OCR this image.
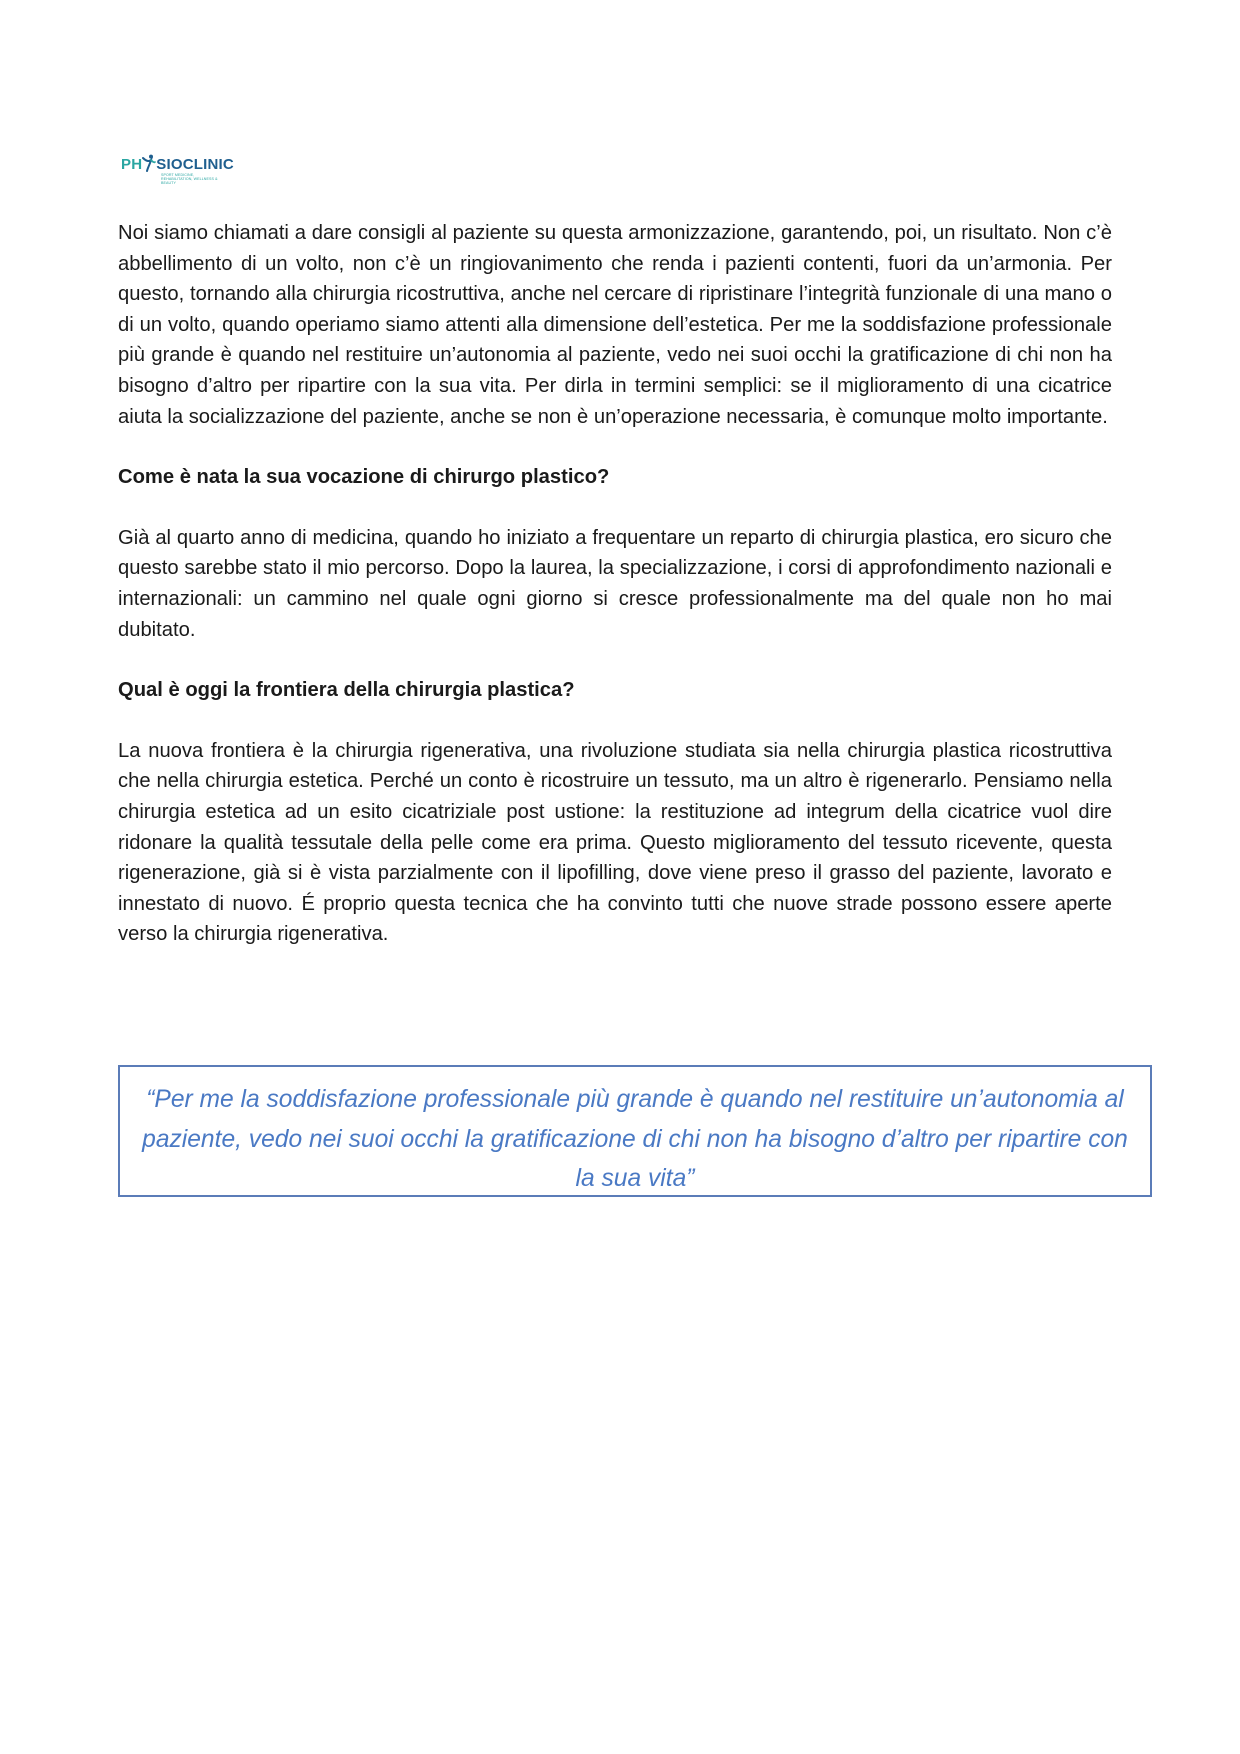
PH SIOCLINIC
SPORT MEDICINE, REHABILITATION, WELLNESS & BEAUTY

Noi siamo chiamati a dare consigli al paziente su questa armonizzazione, garantendo, poi, un risultato. Non c’è abbellimento di un volto, non c’è un ringiovanimento che renda i pazienti contenti, fuori da un’armonia. Per questo, tornando alla chirurgia ricostruttiva, anche nel cercare di ripristinare l’integrità funzionale di una mano o di un volto, quando operiamo siamo attenti alla dimensione dell’estetica. Per me la soddisfazione professionale più grande è quando nel restituire un’autonomia al paziente, vedo nei suoi occhi la gratificazione di chi non ha bisogno d’altro per ripartire con la sua vita. Per dirla in termini semplici: se il miglioramento di una cicatrice aiuta la socializzazione del paziente, anche se non è un’operazione necessaria, è comunque molto importante.

Come è nata la sua vocazione di chirurgo plastico?

Già al quarto anno di medicina, quando ho iniziato a frequentare un reparto di chirurgia plastica, ero sicuro che questo sarebbe stato il mio percorso. Dopo la laurea, la specializzazione, i corsi di approfondimento nazionali e internazionali: un cammino nel quale ogni giorno si cresce professionalmente ma del quale non ho mai dubitato.

Qual è oggi la frontiera della chirurgia plastica?

La nuova frontiera è la chirurgia rigenerativa, una rivoluzione studiata sia nella chirurgia plastica ricostruttiva che nella chirurgia estetica. Perché un conto è ricostruire un tessuto, ma un altro è rigenerarlo. Pensiamo nella chirurgia estetica ad un esito cicatriziale post ustione: la restituzione ad integrum della cicatrice vuol dire ridonare la qualità tessutale della pelle come era prima. Questo miglioramento del tessuto ricevente, questa rigenerazione, già si è vista parzialmente con il lipofilling, dove viene preso il grasso del paziente, lavorato e innestato di nuovo. É proprio questa tecnica che ha convinto tutti che nuove strade possono essere aperte verso la chirurgia rigenerativa.

“Per me la soddisfazione professionale più grande è quando nel restituire un’autonomia al paziente, vedo nei suoi occhi la gratificazione di chi non ha bisogno d’altro per ripartire con la sua vita”
